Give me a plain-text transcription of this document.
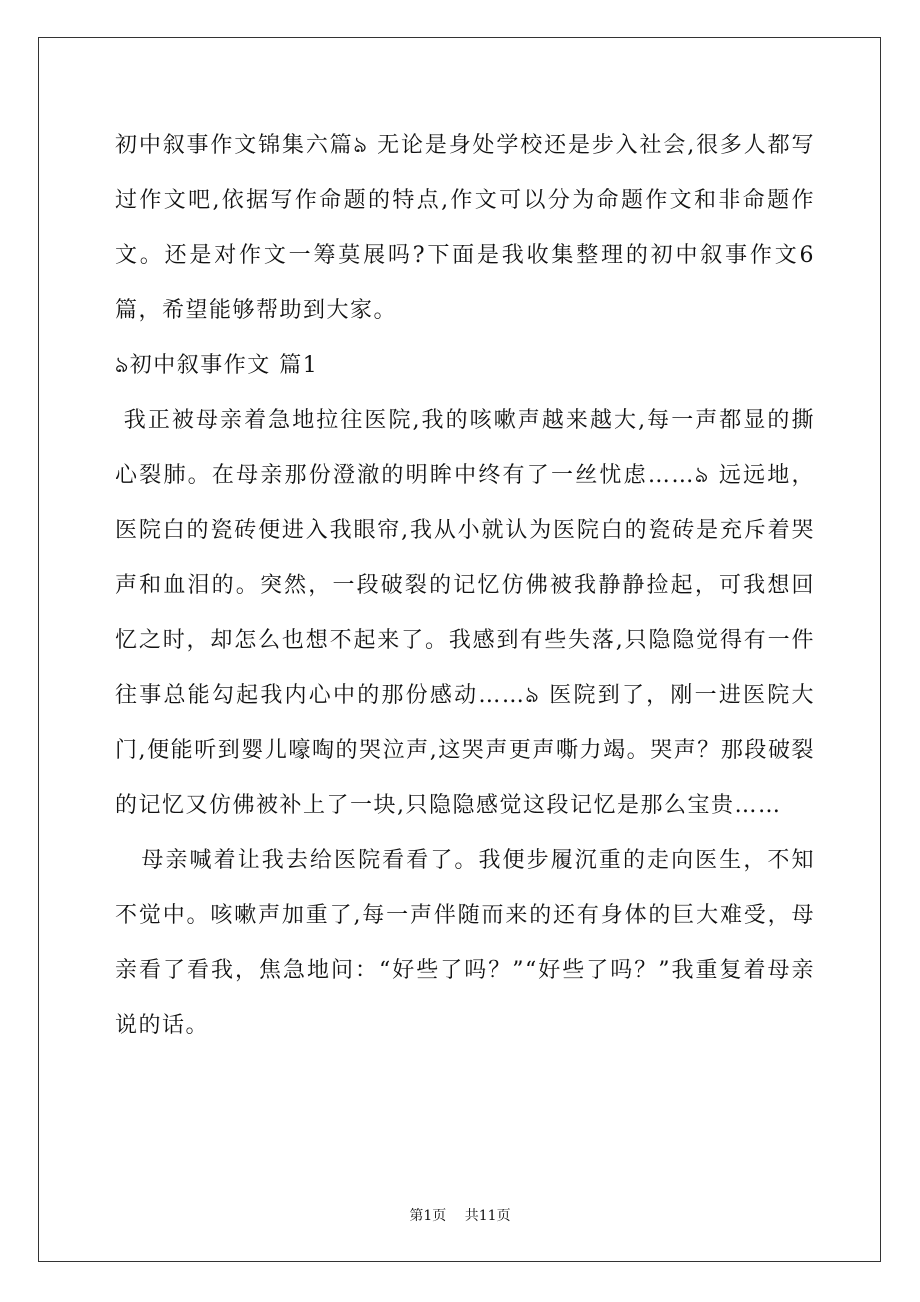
初中叙事作文锦集六篇ঌ 无论是身处学校还是步入社会,很多人都写过作文吧,依据写作命题的特点,作文可以分为命题作文和非命题作文。还是对作文一筹莫展吗?下面是我收集整理的初中叙事作文6篇，希望能够帮助到大家。

ঌ初中叙事作文 篇1

我正被母亲着急地拉往医院,我的咳嗽声越来越大,每一声都显的撕心裂肺。在母亲那份澄澈的明眸中终有了一丝忧虑……ঌ 远远地，医院白的瓷砖便进入我眼帘,我从小就认为医院白的瓷砖是充斥着哭声和血泪的。突然，一段破裂的记忆仿佛被我静静捡起，可我想回忆之时，却怎么也想不起来了。我感到有些失落,只隐隐觉得有一件往事总能勾起我内心中的那份感动……ঌ 医院到了，刚一进医院大门,便能听到婴儿嚎啕的哭泣声,这哭声更声嘶力竭。哭声？那段破裂的记忆又仿佛被补上了一块,只隐隐感觉这段记忆是那么宝贵……

母亲喊着让我去给医院看看了。我便步履沉重的走向医生，不知不觉中。咳嗽声加重了,每一声伴随而来的还有身体的巨大难受，母亲看了看我，焦急地问：“好些了吗？”“好些了吗？”我重复着母亲说的话。

第1页 共11页
